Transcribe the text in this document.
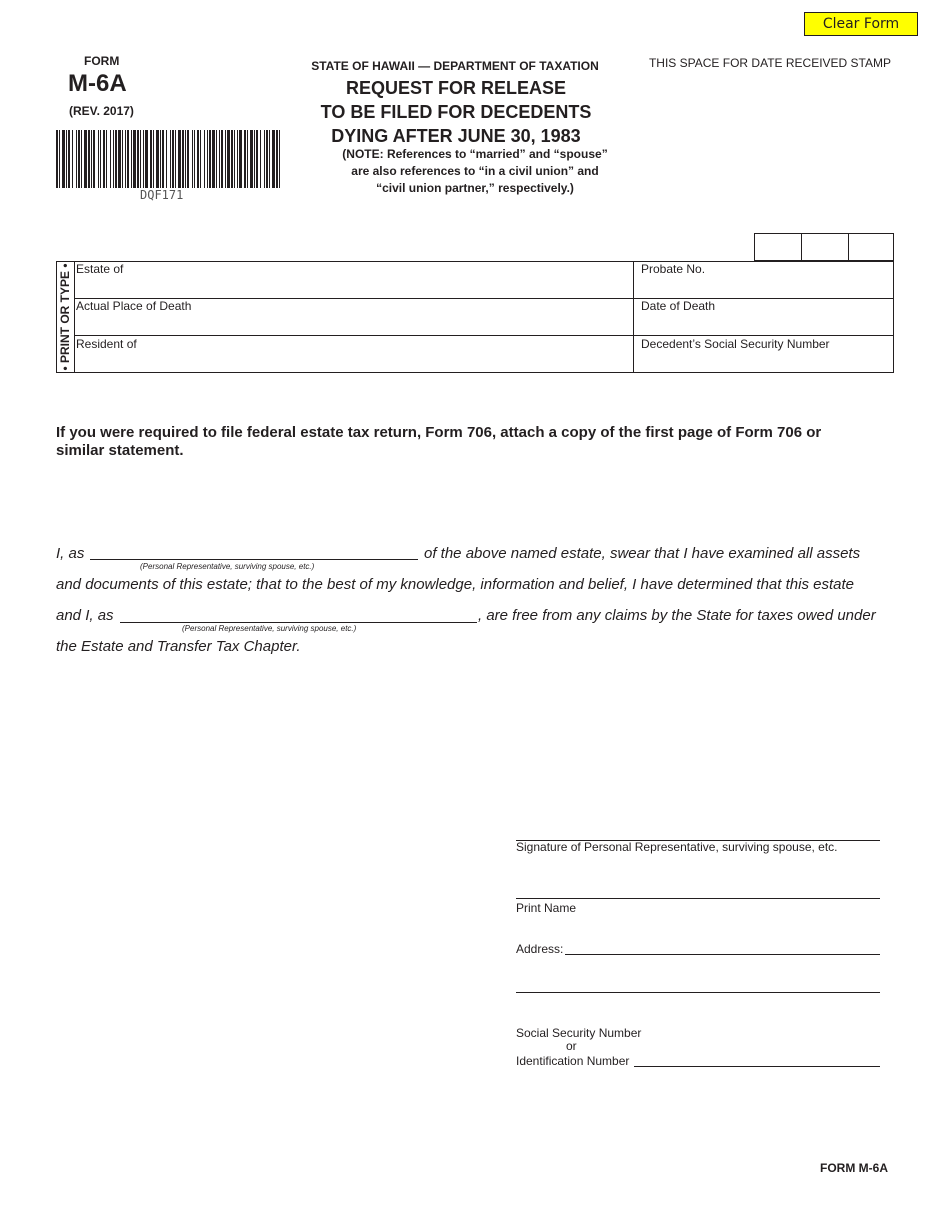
Clear Form
FORM
M-6A
(REV. 2017)
DQF171
STATE OF HAWAII — DEPARTMENT OF TAXATION
REQUEST FOR RELEASE
TO BE FILED FOR DECEDENTS
DYING AFTER JUNE 30, 1983
(NOTE: References to “married” and “spouse”
are also references to “in a civil union” and
“civil union partner,” respectively.)
THIS SPACE FOR DATE RECEIVED STAMP
• PRINT OR TYPE • Estate of	Probate No.
Actual Place of Death	Date of Death
Resident of	Decedent’s Social Security Number
If you were required to file federal estate tax return, Form 706, attach a copy of the first page of Form 706 or similar statement.
I, as
(Personal Representative, surviving spouse, etc.)
of the above named estate, swear that I have examined all assets
and documents of this estate; that to the best of my knowledge, information and belief, I have determined that this estate
and I, as
(Personal Representative, surviving spouse, etc.)
, are free from any claims by the State for taxes owed under
the Estate and Transfer Tax Chapter.
Signature of Personal Representative, surviving spouse, etc.
Print Name
Address:
Social Security Number
or
Identification Number
FORM M-6A
